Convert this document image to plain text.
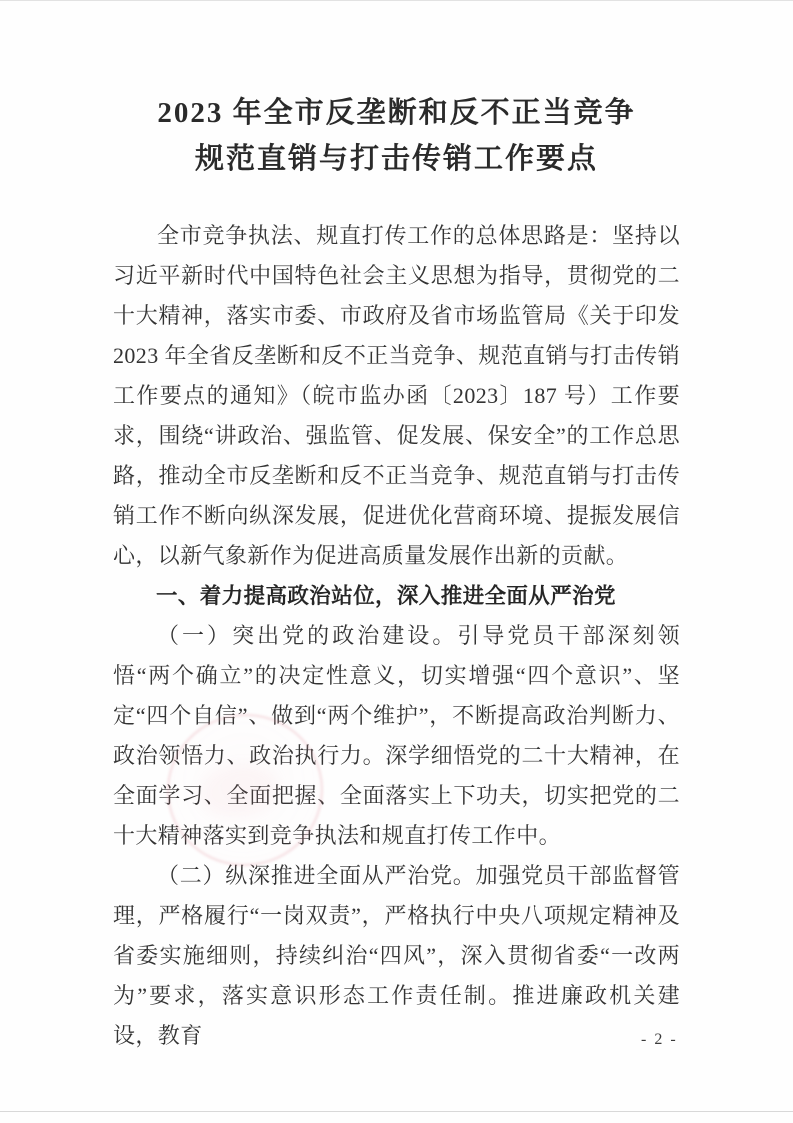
2023 年全市反垄断和反不正当竞争
规范直销与打击传销工作要点

全市竞争执法、规直打传工作的总体思路是：坚持以习近平新时代中国特色社会主义思想为指导，贯彻党的二十大精神，落实市委、市政府及省市场监管局《关于印发 2023 年全省反垄断和反不正当竞争、规范直销与打击传销工作要点的通知》（皖市监办函〔2023〕187 号）工作要求，围绕“讲政治、强监管、促发展、保安全”的工作总思路，推动全市反垄断和反不正当竞争、规范直销与打击传销工作不断向纵深发展，促进优化营商环境、提振发展信心，以新气象新作为促进高质量发展作出新的贡献。

一、着力提高政治站位，深入推进全面从严治党

（一）突出党的政治建设。引导党员干部深刻领悟“两个确立”的决定性意义，切实增强“四个意识”、坚定“四个自信”、做到“两个维护”，不断提高政治判断力、政治领悟力、政治执行力。深学细悟党的二十大精神，在全面学习、全面把握、全面落实上下功夫，切实把党的二十大精神落实到竞争执法和规直打传工作中。

（二）纵深推进全面从严治党。加强党员干部监督管理，严格履行“一岗双责”，严格执行中央八项规定精神及省委实施细则，持续纠治“四风”，深入贯彻省委“一改两为”要求，落实意识形态工作责任制。推进廉政机关建设，教育	- 2 -
